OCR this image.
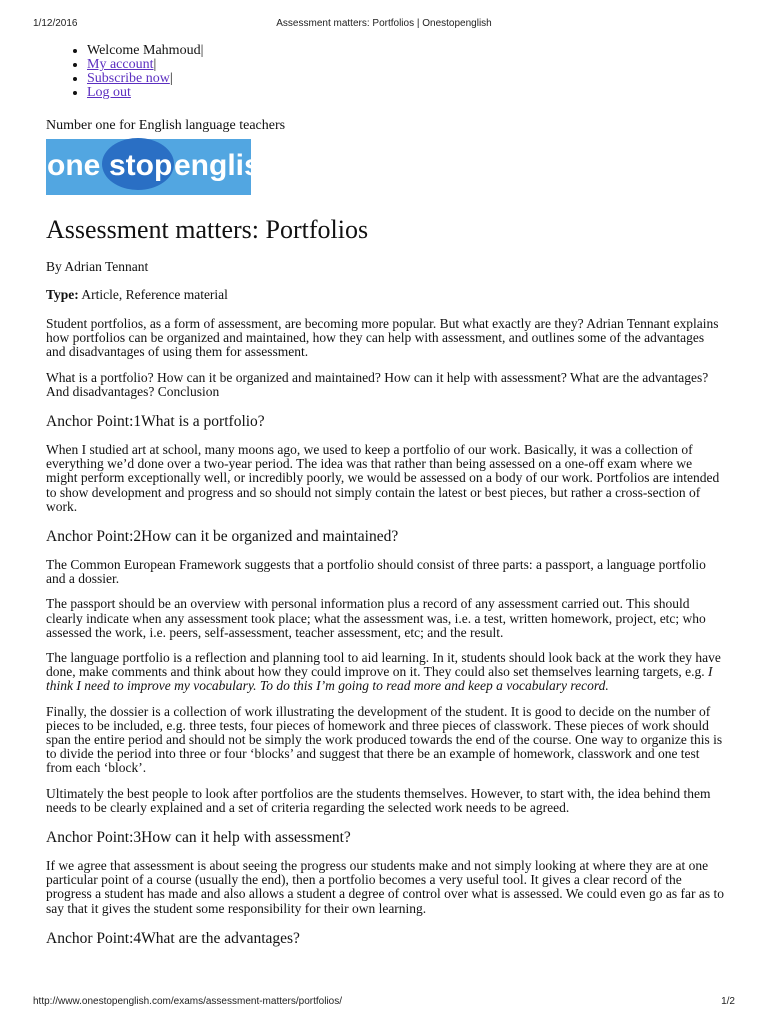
1/12/2016	Assessment matters: Portfolios | Onestopenglish
• Welcome Mahmoud|
• My account|
• Subscribe now|
• Log out
Number one for English language teachers
one stop english
Assessment matters: Portfolios
By Adrian Tennant
Type: Article, Reference material

Student portfolios, as a form of assessment, are becoming more popular. But what exactly are they? Adrian Tennant explains how portfolios can be organized and maintained, how they can help with assessment, and outlines some of the advantages and disadvantages of using them for assessment.

What is a portfolio? How can it be organized and maintained? How can it help with assessment? What are the advantages? And disadvantages? Conclusion

Anchor Point:1What is a portfolio?

When I studied art at school, many moons ago, we used to keep a portfolio of our work. Basically, it was a collection of everything we’d done over a two-year period. The idea was that rather than being assessed on a one-off exam where we might perform exceptionally well, or incredibly poorly, we would be assessed on a body of our work. Portfolios are intended to show development and progress and so should not simply contain the latest or best pieces, but rather a cross-section of work.

Anchor Point:2How can it be organized and maintained?

The Common European Framework suggests that a portfolio should consist of three parts: a passport, a language portfolio and a dossier.

The passport should be an overview with personal information plus a record of any assessment carried out. This should clearly indicate when any assessment took place; what the assessment was, i.e. a test, written homework, project, etc; who assessed the work, i.e. peers, self-assessment, teacher assessment, etc; and the result.

The language portfolio is a reflection and planning tool to aid learning. In it, students should look back at the work they have done, make comments and think about how they could improve on it. They could also set themselves learning targets, e.g. I think I need to improve my vocabulary. To do this I’m going to read more and keep a vocabulary record.

Finally, the dossier is a collection of work illustrating the development of the student. It is good to decide on the number of pieces to be included, e.g. three tests, four pieces of homework and three pieces of classwork. These pieces of work should span the entire period and should not be simply the work produced towards the end of the course. One way to organize this is to divide the period into three or four ‘blocks’ and suggest that there be an example of homework, classwork and one test from each ‘block’.

Ultimately the best people to look after portfolios are the students themselves. However, to start with, the idea behind them needs to be clearly explained and a set of criteria regarding the selected work needs to be agreed.

Anchor Point:3How can it help with assessment?

If we agree that assessment is about seeing the progress our students make and not simply looking at where they are at one particular point of a course (usually the end), then a portfolio becomes a very useful tool. It gives a clear record of the progress a student has made and also allows a student a degree of control over what is assessed. We could even go as far as to say that it gives the student some responsibility for their own learning.

Anchor Point:4What are the advantages?
http://www.onestopenglish.com/exams/assessment-matters/portfolios/	1/2
